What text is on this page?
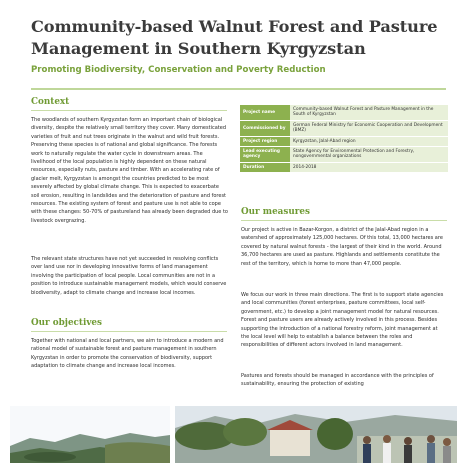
Community-based Walnut Forest and Pasture Management in Southern Kyrgyzstan
Promoting Biodiversity, Conservation and Poverty Reduction
Context

The woodlands of southern Kyrgyzstan form an important chain of biological diversity, despite the relatively small territory they cover. Many domesticated varieties of fruit and nut trees originate in the walnut and wild fruit forests. Preserving these species is of national and global significance. The forests work to naturally regulate the water cycle in downstream areas. The livelihood of the local population is highly dependent on these natural resources, especially nuts, pasture and timber. With an accelerating rate of glacier melt, Kyrgyzstan is amongst the countries predicted to be most severely affected by global climate change. This is expected to exacerbate soil erosion, resulting in landslides and the deterioration of pasture and forest resources. The existing system of forest and pasture use is not able to cope with these changes: 50-70% of pastureland has already been degraded due to livestock overgrazing.

The relevant state structures have not yet succeeded in resolving conflicts over land use nor in developing innovative forms of land management involving the participation of local people. Local communities are not in a position to introduce sustainable management models, which would conserve biodiversity, adapt to climate change and increase local incomes.

Our objectives

Together with national and local partners, we aim to introduce a modern and rational model of sustainable forest and pasture management in southern Kyrgyzstan in order to promote the conservation of biodiversity, support adaptation to climate change and increase local incomes.

Project name	Community-based Walnut Forest and Pasture Management in the South of Kyrgyzstan
Commissioned by	German Federal Ministry for Economic Cooperation and Development (BMZ)
Project region	Kyrgyzstan, Jalal-Abad region
Lead executing agency	State Agency for Environmental Protection and Forestry, nongovernmental organizations
Duration	2014-2018
Our measures

Our project is active in Bazar-Korgon, a district of the Jalal-Abad region in a watershed of approximately 125,000 hectares. Of this total, 13,000 hectares are covered by natural walnut forests - the largest of their kind in the world. Around 36,700 hectares are used as pasture. Highlands and settlements constitute the rest of the territory, which is home to more than 47,000 people.

We focus our work in three main directions. The first is to support state agencies and local communities (forest enterprises, pasture committees, local self-government, etc.) to develop a joint management model for natural resources. Forest and pasture users are already actively involved in this process. Besides supporting the introduction of a national forestry reform, joint management at the local level will help to establish a balance between the roles and responsibilities of different actors involved in land management.

Pastures and forests should be managed in accordance with the principles of sustainability, ensuring the protection of existing
